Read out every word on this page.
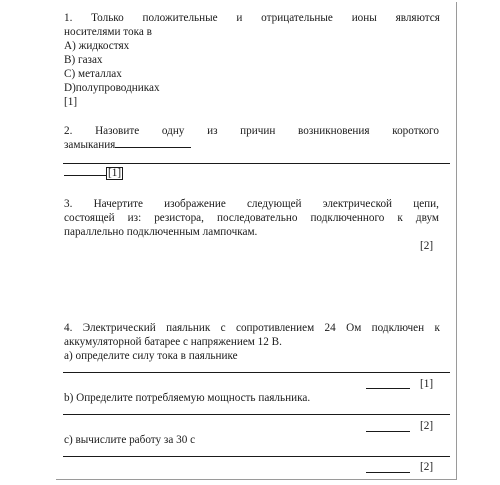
1. Только положительные и отрицательные ионы являются
носителями тока в
A) жидкостях
B) газах
C) металлах
D)полупроводниках
[1]
2. Назовите одну из причин возникновения короткого
замыкания
[1]
3. Начертите изображение следующей электрической цепи,
состоящей из: резистора, последовательно подключенного к двум
параллельно подключенным лампочкам.
[2]
4. Электрический паяльник с сопротивлением 24 Ом подключен к
аккумуляторной батарее с напряжением 12 В.
а) определите силу тока в паяльнике
[1]
b) Определите потребляемую мощность паяльника.
[2]
с) вычислите работу за 30 с
[2]
